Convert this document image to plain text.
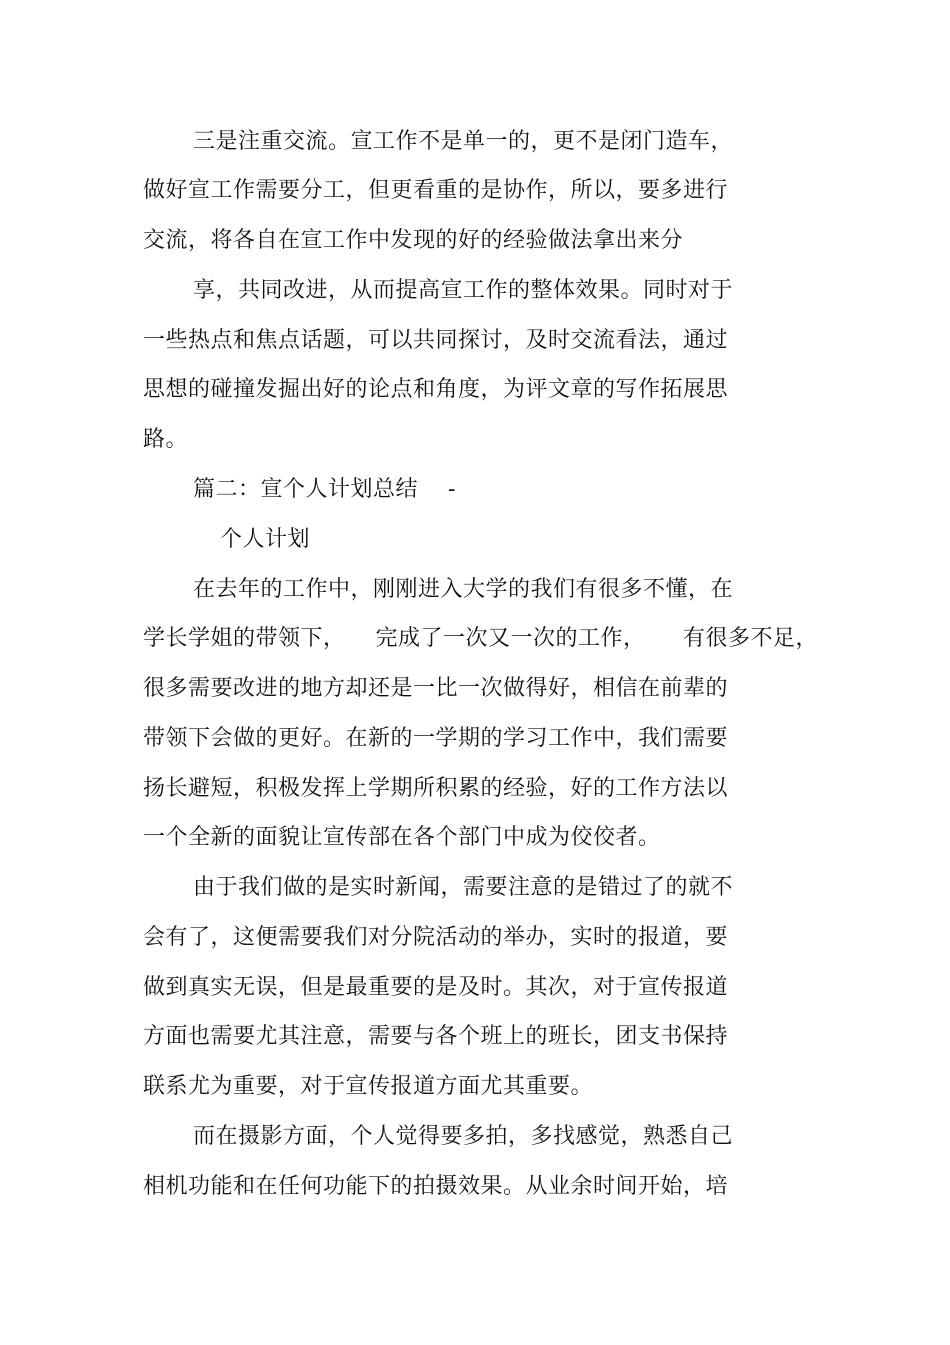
三是注重交流。宣工作不是单一的，更不是闭门造车，
做好宣工作需要分工，但更看重的是协作，所以，要多进行
交流，将各自在宣工作中发现的好的经验做法拿出来分
享，共同改进，从而提高宣工作的整体效果。同时对于
一些热点和焦点话题，可以共同探讨，及时交流看法，通过
思想的碰撞发掘出好的论点和角度，为评文章的写作拓展思
路。
篇二：宣个人计划总结    -
个人计划
在去年的工作中，刚刚进入大学的我们有很多不懂，在
学长学姐的带领下，    完成了一次又一次的工作，     有很多不足，
很多需要改进的地方却还是一比一次做得好，相信在前辈的
带领下会做的更好。在新的一学期的学习工作中，我们需要
扬长避短，积极发挥上学期所积累的经验，好的工作方法以
一个全新的面貌让宣传部在各个部门中成为佼佼者。
由于我们做的是实时新闻，需要注意的是错过了的就不
会有了，这便需要我们对分院活动的举办，实时的报道，要
做到真实无误，但是最重要的是及时。其次，对于宣传报道
方面也需要尤其注意，需要与各个班上的班长，团支书保持
联系尤为重要，对于宣传报道方面尤其重要。
而在摄影方面，个人觉得要多拍，多找感觉，熟悉自己
相机功能和在任何功能下的拍摄效果。从业余时间开始，培
